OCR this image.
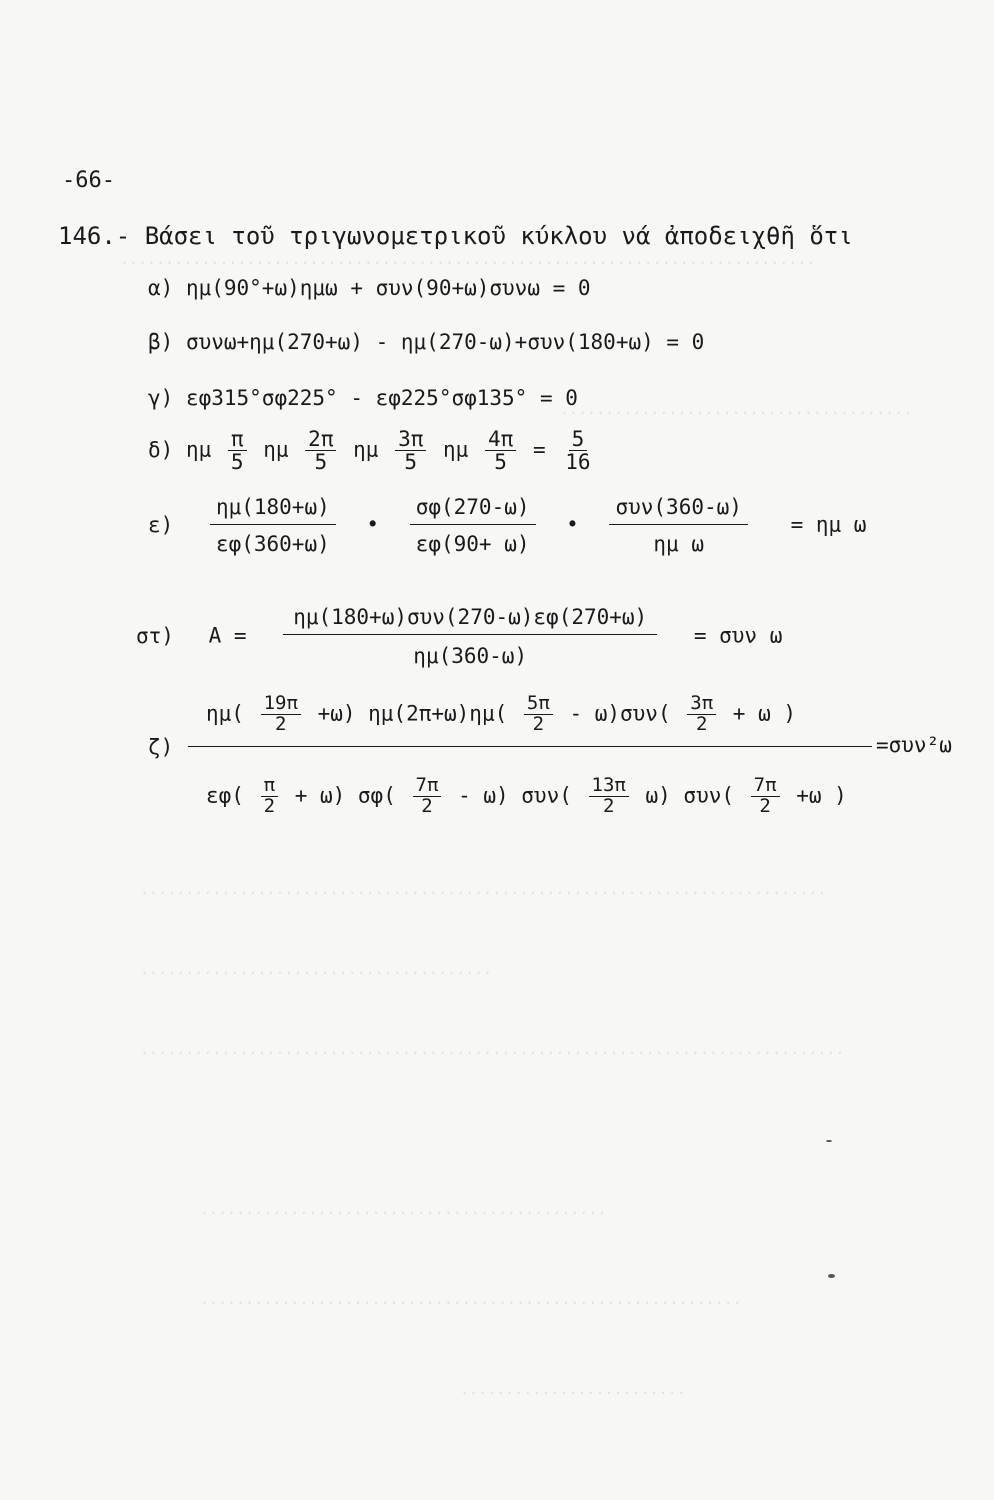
.............................................................................
.......................................
............................................................................
.......................................
..............................................................................
.............................................
............................................................
.........................
-66-
146.- Βάσει τοῦ τριγωνομετρικοῦ κύκλου νά ἀποδειχθῆ ὅτι
α) ημ(90°+ω)ημω + συν(90+ω)συνω = 0
β) συνω+ημ(270+ω) - ημ(270-ω)+συν(180+ω) = 0
γ) εφ315°σφ225° - εφ225°σφ135° = 0
δ) ημ $\frac{\pi}{5}$ ημ $\frac{2\pi}{5}$ ημ $\frac{3\pi}{5}$ ημ $\frac{4\pi}{5} = \frac{5}{16}$
$\varepsilon) \frac{\eta\mu(180+\omega)}{\varepsilon\varphi(360+\omega)}$ • $\frac{\sigma\varphi(270-\omega)}{\varepsilon\varphi(90+ \omega)}$ • $\frac{\text{συν(360-ω)}}{\text{ημ ω}} = \eta\mu$ ω
στ) $A = \frac{\text{ημ(180+ω)συν(270-ω)εφ(270+ω)}}{\eta\mu(360-\omega)} = \sigma\upsilon\nu$ ω
ζ)
$\eta\mu( \frac{19\pi}{2} +\omega)$ $\eta\mu(2\pi+\omega)\eta\mu( \frac{5\pi}{2} - \omega)\sigma\upsilon\nu( \frac{3\pi}{2} + \omega$ )
=συν²ω
$\varepsilon\varphi( \frac{\pi}{2} + \omega)$ $\sigma\varphi( \frac{7\pi}{2} - \omega)$ $\sigma\upsilon\nu( \frac{13\pi}{2} \omega)$ $\sigma\upsilon\nu( \frac{7\pi}{2} +\omega$ )
